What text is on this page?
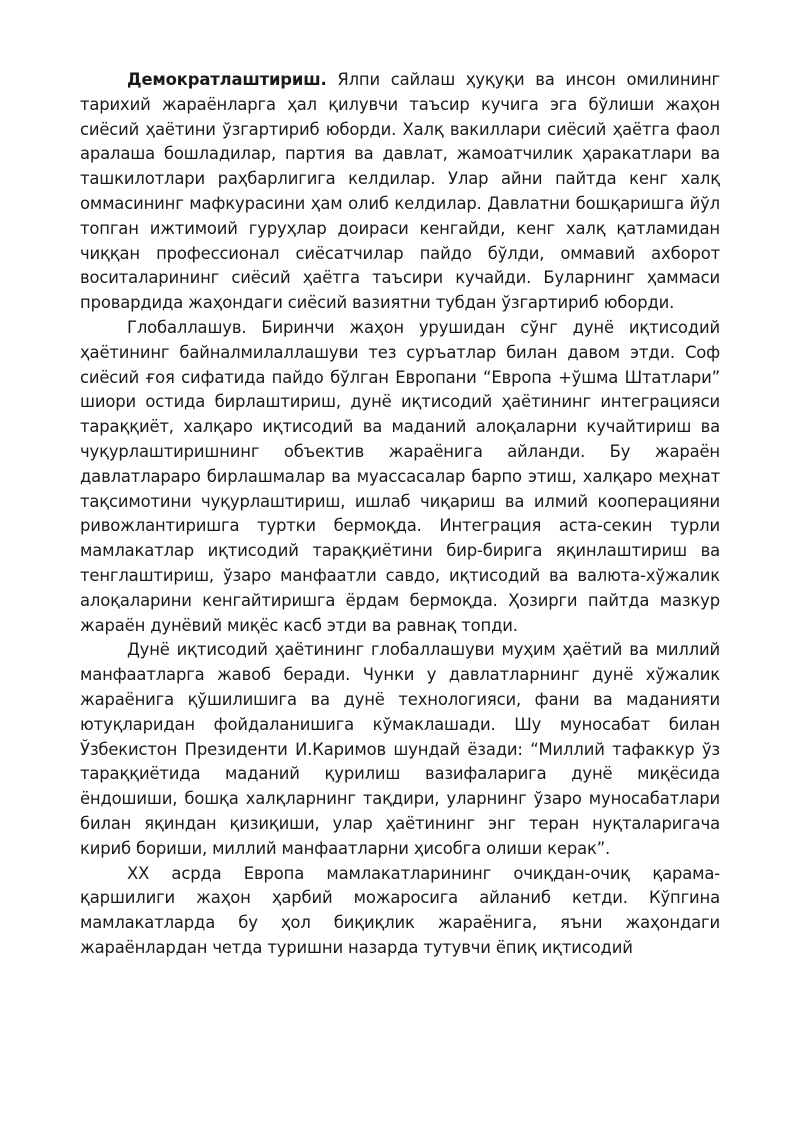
Демократлаштириш. Ялпи сайлаш ҳуқуқи ва инсон омилининг тарихий жараёнларга ҳал қилувчи таъсир кучига эга бўлиши жаҳон сиёсий ҳаётини ўзгартириб юборди. Халқ вакиллари сиёсий ҳаётга фаол аралаша бошладилар, партия ва давлат, жамоатчилик ҳаракатлари ва ташкилотлари раҳбарлигига келдилар. Улар айни пайтда кенг халқ оммасининг мафкурасини ҳам олиб келдилар. Давлатни бошқаришга йўл топган ижтимоий гуруҳлар доираси кенгайди, кенг халқ қатламидан чиққан профессионал сиёсатчилар пайдо бўлди, оммавий ахборот воситаларининг сиёсий ҳаётга таъсири кучайди. Буларнинг ҳаммаси провардида жаҳондаги сиёсий вазиятни тубдан ўзгартириб юборди.

Глобаллашув. Биринчи жаҳон урушидан сўнг дунё иқтисодий ҳаётининг байналмилаллашуви тез суръатлар билан давом этди. Соф сиёсий ғоя сифатида пайдо бўлган Европани “Европа +ўшма Штатлари” шиори остида бирлаштириш, дунё иқтисодий ҳаётининг интеграцияси тараққиёт, халқаро иқтисодий ва маданий алоқаларни кучайтириш ва чуқурлаштиришнинг объектив жараёнига айланди. Бу жараён давлатлараро бирлашмалар ва муассасалар барпо этиш, халқаро меҳнат тақсимотини чуқурлаштириш, ишлаб чиқариш ва илмий кооперацияни ривожлантиришга туртки бермоқда. Интеграция аста-секин турли мамлакатлар иқтисодий тараққиётини бир-бирига яқинлаштириш ва тенглаштириш, ўзаро манфаатли савдо, иқтисодий ва валюта-хўжалик алоқаларини кенгайтиришга ёрдам бермоқда. Ҳозирги пайтда мазкур жараён дунёвий миқёс касб этди ва равнақ топди.

Дунё иқтисодий ҳаётининг глобаллашуви муҳим ҳаётий ва миллий манфаатларга жавоб беради. Чунки у давлатларнинг дунё хўжалик жараёнига қўшилишига ва дунё технологияси, фани ва маданияти ютуқларидан фойдаланишига кўмаклашади. Шу муносабат билан Ўзбекистон Президенти И.Каримов шундай ёзади: “Миллий тафаккур ўз тараққиётида маданий қурилиш вазифаларига дунё миқёсида ёндошиши, бошқа халқларнинг тақдири, уларнинг ўзаро муносабатлари билан яқиндан қизиқиши, улар ҳаётининг энг теран нуқталаригача кириб бориши, миллий манфаатларни ҳисобга олиши керак”.

ХХ асрда Европа мамлакатларининг очиқдан-очиқ қарама-қаршилиги жаҳон ҳарбий можаросига айланиб кетди. Кўпгина мамлакатларда бу ҳол биқиқлик жараёнига, яъни жаҳондаги жараёнлардан четда туришни назарда тутувчи ёпиқ иқтисодий
